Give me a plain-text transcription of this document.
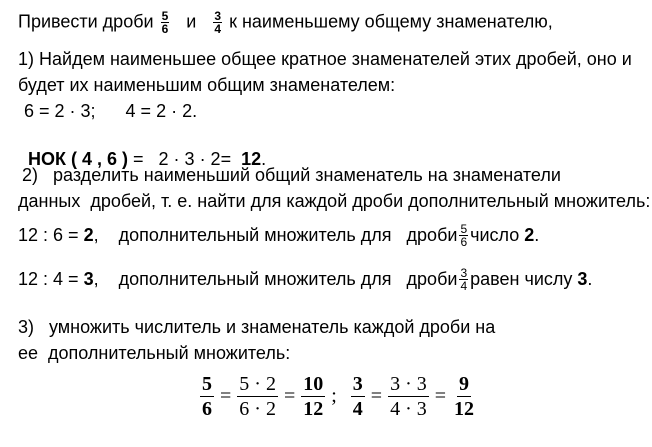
Привести дроби $\frac{5}{6}$ и $\frac{3}{4}$ к наименьшему общему знаменателю,
1) Найдем наименьшее общее кратное знаменателей этих дробей, оно и
будет их наименьшим общим знаменателем:
6 = 2 · 3;      4 = 2 · 2.

НОК ( 4 , 6 ) =   2 · 3 · 2=  12.

2)   разделить наименьший общий знаменатель на знаменатели
данных  дробей, т. е. найти для каждой дроби дополнительный множитель:
12 : 6 = 2 ,    дополнительный множитель для   дроби $\frac{5}{6}$ число 2 .
12 : 4 = 3 ,    дополнительный множитель для   дроби $\frac{3}{4}$ равен числу 3 .
3)   умножить числитель и знаменатель каждой дроби на
ее  дополнительный множитель:
$\frac{5}{6} = \frac{5 \cdot 2}{6 \cdot 2} = \frac{10}{12}$ ; $\frac{3}{4} = \frac{3 \cdot 3}{4 \cdot 3} = \frac{9}{12}$
